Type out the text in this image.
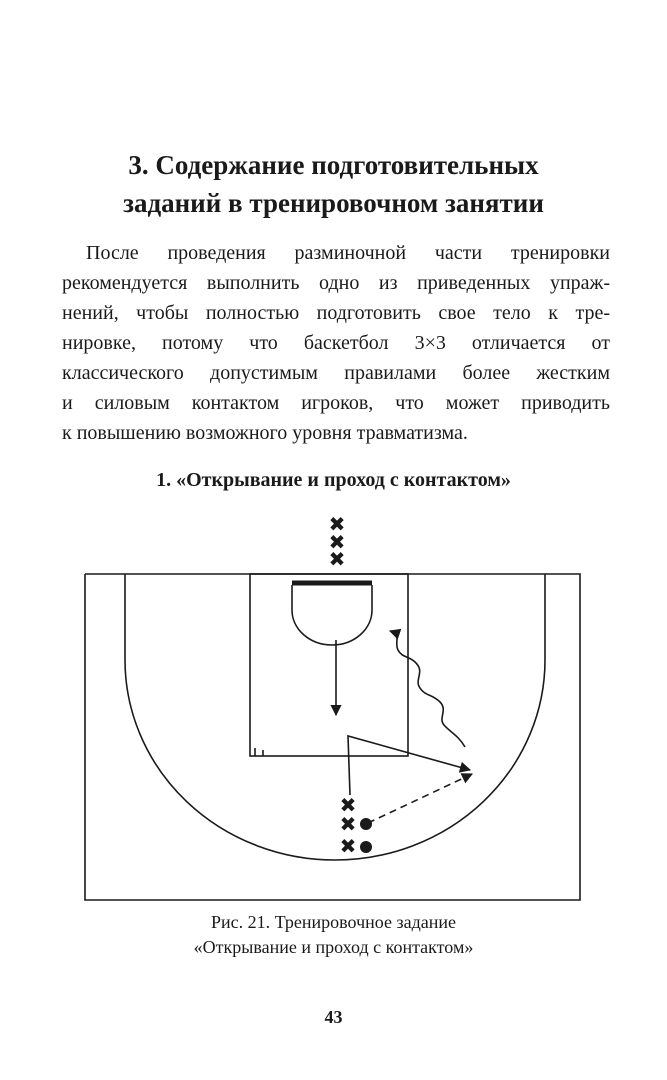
3. Содержание подготовительных
заданий в тренировочном занятии
После проведения разминочной части тренировки
рекомендуется выполнить одно из приведенных упраж-
нений, чтобы полностью подготовить свое тело к тре-
нировке, потому что баскетбол 3×3 отличается от
классического допустимым правилами более жестким
и силовым контактом игроков, что может приводить
к повышению возможного уровня травматизма.
1. «Открывание и проход с контактом»
✖
✖
✖
✖
✖
✖
Рис. 21. Тренировочное задание
«Открывание и проход с контактом»
43
